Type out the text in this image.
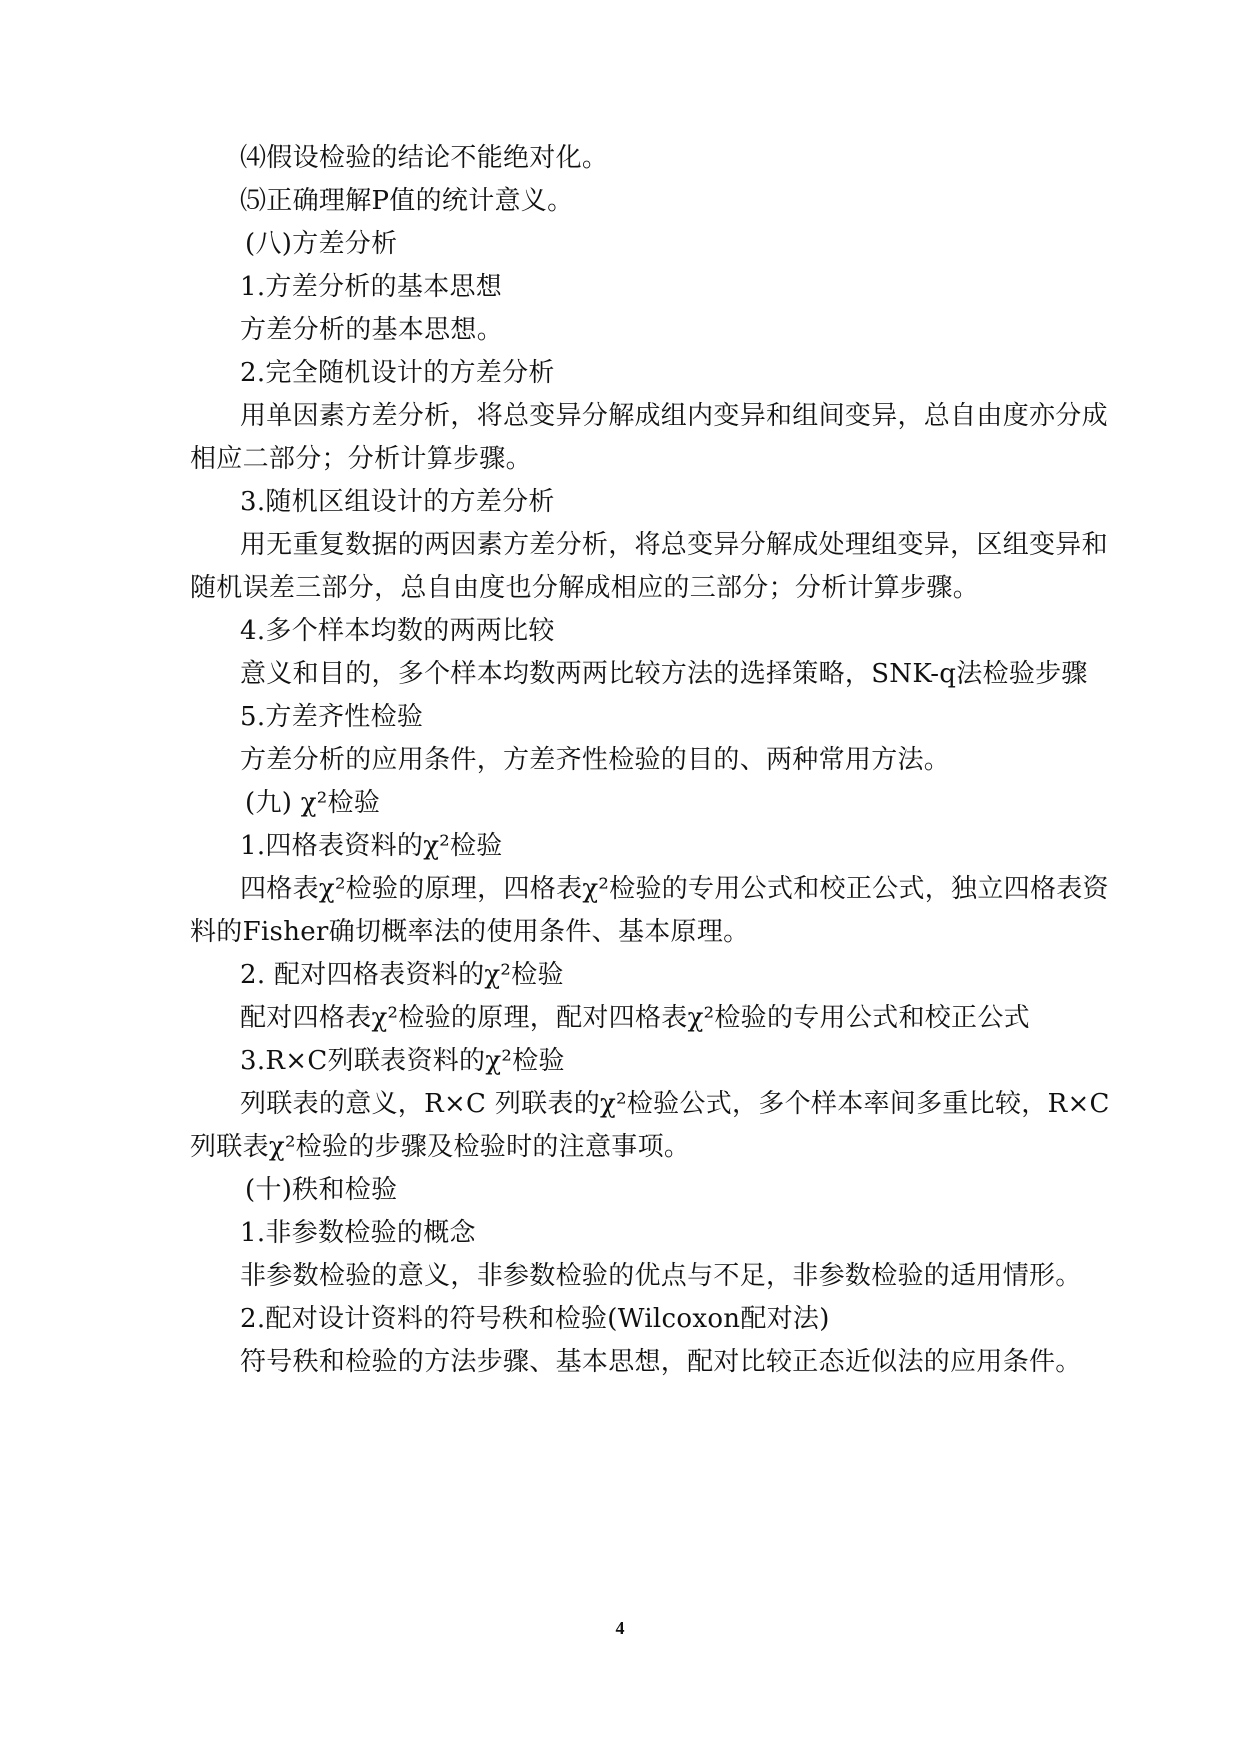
⑷假设检验的结论不能绝对化。
⑸正确理解P值的统计意义。
(八)方差分析
1.方差分析的基本思想
方差分析的基本思想。
2.完全随机设计的方差分析
用单因素方差分析，将总变异分解成组内变异和组间变异，总自由度亦分成
相应二部分；分析计算步骤。
3.随机区组设计的方差分析
用无重复数据的两因素方差分析，将总变异分解成处理组变异，区组变异和
随机误差三部分，总自由度也分解成相应的三部分；分析计算步骤。
4.多个样本均数的两两比较
意义和目的，多个样本均数两两比较方法的选择策略，SNK-q法检验步骤
5.方差齐性检验
方差分析的应用条件，方差齐性检验的目的、两种常用方法。
(九) χ²检验
1.四格表资料的χ²检验
四格表χ²检验的原理，四格表χ²检验的专用公式和校正公式，独立四格表资
料的Fisher确切概率法的使用条件、基本原理。
2. 配对四格表资料的χ²检验
配对四格表χ²检验的原理，配对四格表χ²检验的专用公式和校正公式
3.R×C列联表资料的χ²检验
列联表的意义，R×C 列联表的χ²检验公式，多个样本率间多重比较，R×C
列联表χ²检验的步骤及检验时的注意事项。
(十)秩和检验
1.非参数检验的概念
非参数检验的意义，非参数检验的优点与不足，非参数检验的适用情形。
2.配对设计资料的符号秩和检验(Wilcoxon配对法)
符号秩和检验的方法步骤、基本思想，配对比较正态近似法的应用条件。
4
